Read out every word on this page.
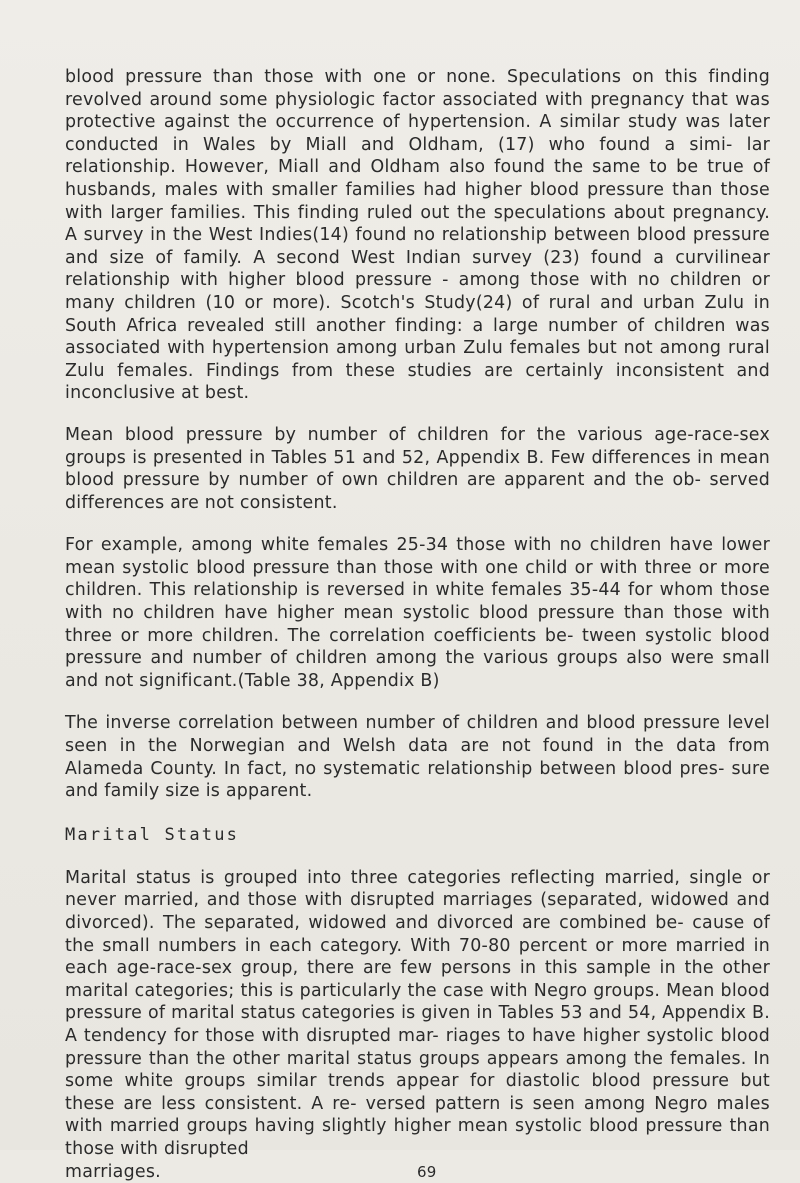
blood pressure than those with one or none. Speculations on this finding revolved around some physiologic factor associated with pregnancy that was protective against the occurrence of hypertension. A similar study was later conducted in Wales by Miall and Oldham, (17) who found a simi- lar relationship. However, Miall and Oldham also found the same to be true of husbands, males with smaller families had higher blood pressure than those with larger families. This finding ruled out the speculations about pregnancy. A survey in the West Indies(14) found no relationship between blood pressure and size of family. A second West Indian survey (23) found a curvilinear relationship with higher blood pressure - among those with no children or many children (10 or more). Scotch's Study(24) of rural and urban Zulu in South Africa revealed still another finding: a large number of children was associated with hypertension among urban Zulu females but not among rural Zulu females. Findings from these studies are certainly inconsistent and inconclusive at best.

Mean blood pressure by number of children for the various age-race-sex groups is presented in Tables 51 and 52, Appendix B. Few differences in mean blood pressure by number of own children are apparent and the ob- served differences are not consistent.

For example, among white females 25-34 those with no children have lower mean systolic blood pressure than those with one child or with three or more children. This relationship is reversed in white females 35-44 for whom those with no children have higher mean systolic blood pressure than those with three or more children. The correlation coefficients be- tween systolic blood pressure and number of children among the various groups also were small and not significant.(Table 38, Appendix B)

The inverse correlation between number of children and blood pressure level seen in the Norwegian and Welsh data are not found in the data from Alameda County. In fact, no systematic relationship between blood pres- sure and family size is apparent.

Marital Status

Marital status is grouped into three categories reflecting married, single or never married, and those with disrupted marriages (separated, widowed and divorced). The separated, widowed and divorced are combined be- cause of the small numbers in each category. With 70-80 percent or more married in each age-race-sex group, there are few persons in this sample in the other marital categories; this is particularly the case with Negro groups. Mean blood pressure of marital status categories is given in Tables 53 and 54, Appendix B. A tendency for those with disrupted mar- riages to have higher systolic blood pressure than the other marital status groups appears among the females. In some white groups similar trends appear for diastolic blood pressure but these are less consistent. A re- versed pattern is seen among Negro males with married groups having slightly higher mean systolic blood pressure than those with disrupted

marriages.	69
